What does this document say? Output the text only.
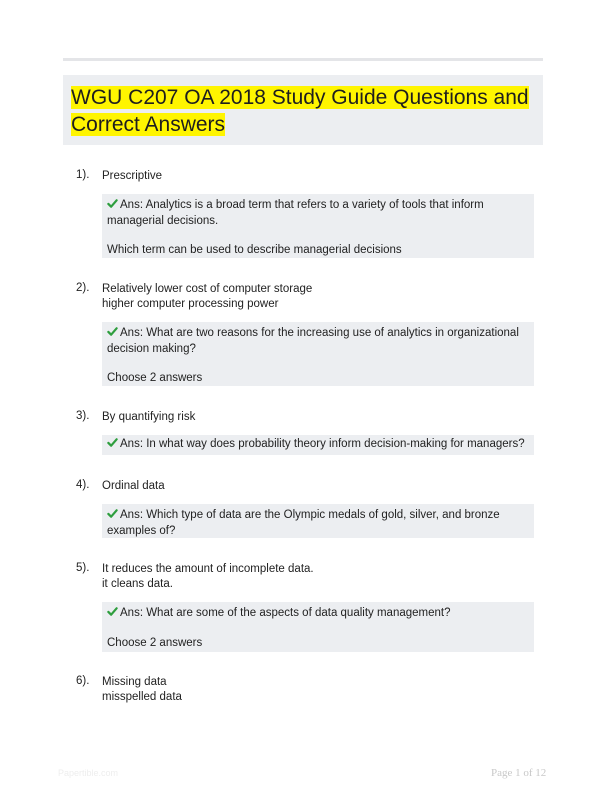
WGU C207 OA 2018 Study Guide Questions and Correct Answers
1). Prescriptive
Ans: Analytics is a broad term that refers to a variety of tools that inform managerial decisions.
Which term can be used to describe managerial decisions
2). Relatively lower cost of computer storage
higher computer processing power
Ans: What are two reasons for the increasing use of analytics in organizational decision making?
Choose 2 answers
3). By quantifying risk
Ans: In what way does probability theory inform decision-making for managers?
4). Ordinal data
Ans: Which type of data are the Olympic medals of gold, silver, and bronze examples of?
5). It reduces the amount of incomplete data.
it cleans data.
Ans: What are some of the aspects of data quality management?
Choose 2 answers
6). Missing data
misspelled data
Papertible.com	Page 1 of 12
